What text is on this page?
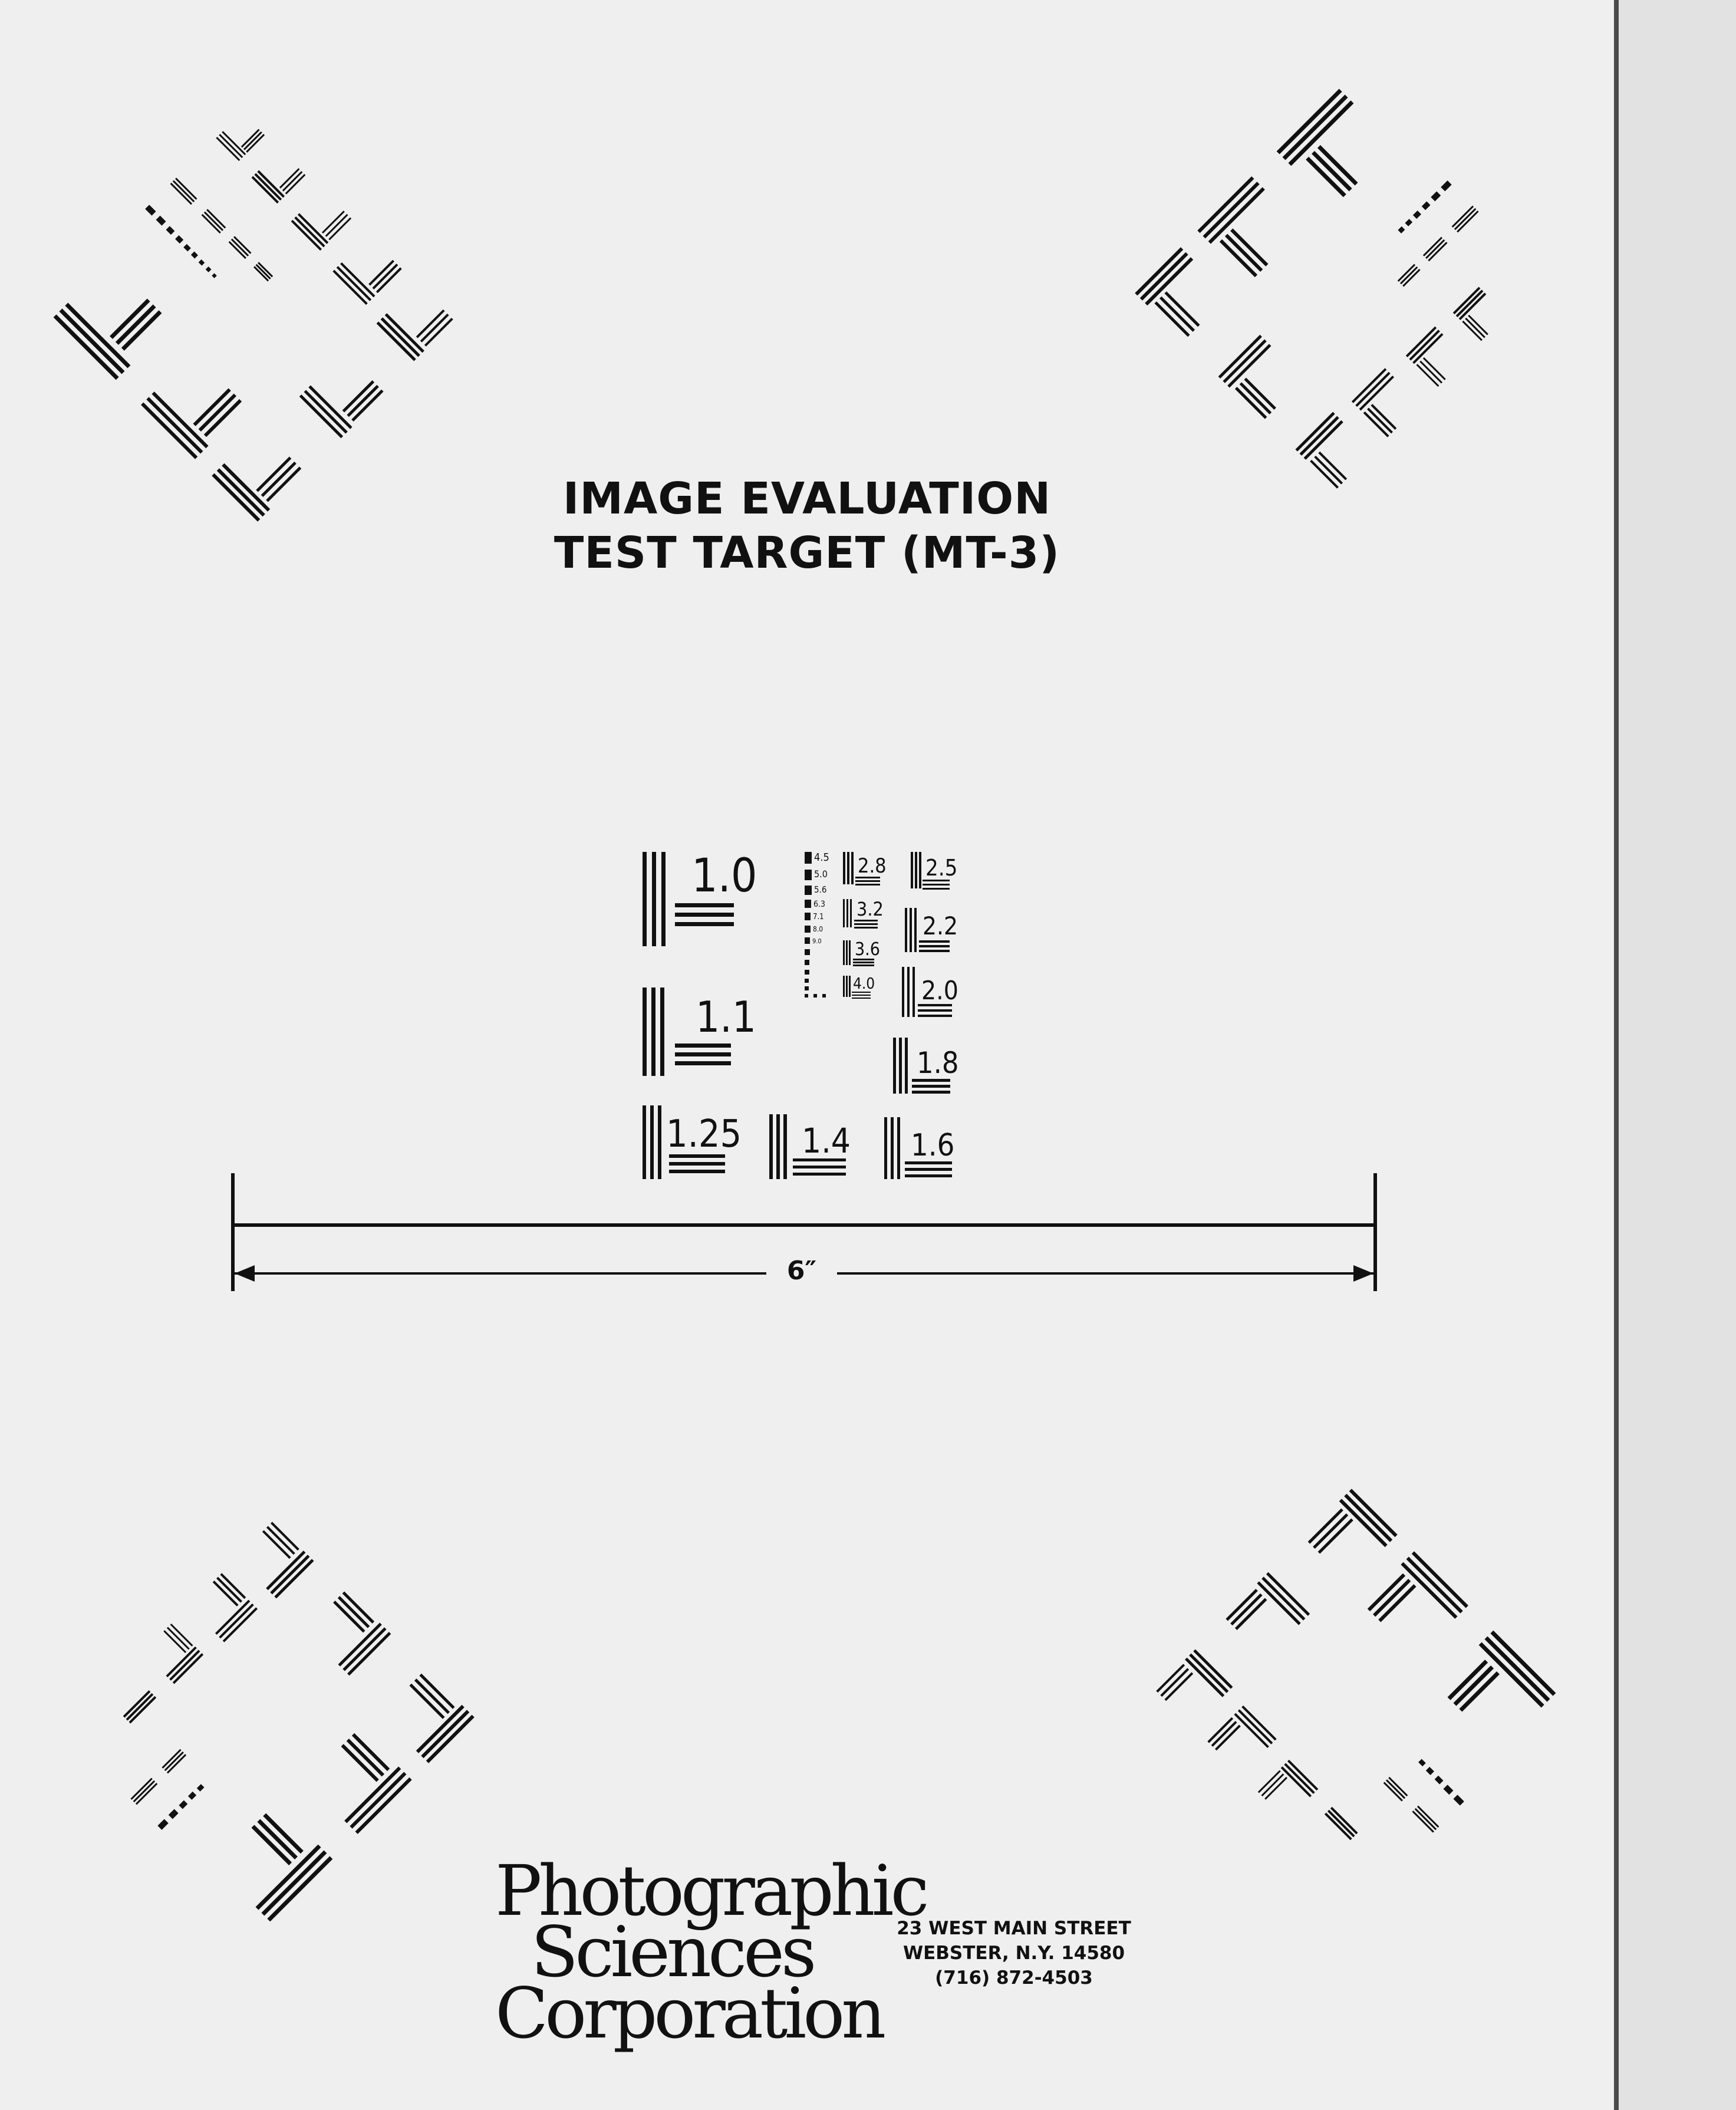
IMAGE EVALUATION
TEST TARGET (MT-3)
1.0
1.1
1.25 1.4 1.6
1.8
2.0
2.2
2.5
2.8
3.2
3.6
4.0
4.5
5.0
5.6
6.3
7.1
8.0
9.0
6″
Photographic
Sciences
Corporation
23 WEST MAIN STREET
WEBSTER, N.Y. 14580
(716) 872-4503
